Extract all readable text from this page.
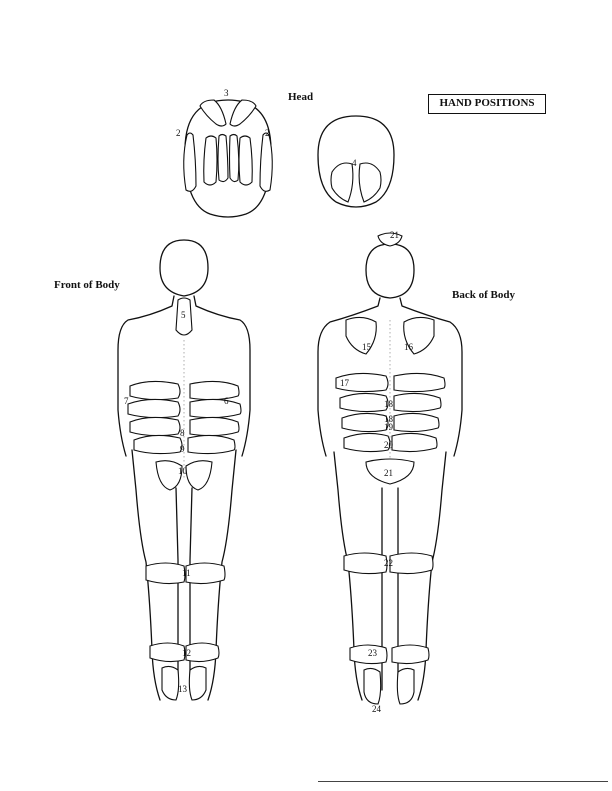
HAND POSITIONS
Head
Front of Body
Back of Body
3
2	2
4
5
7	6
8
9
10
11
12
13
21
15	16
17
18
18
19
20
21
22
23
24
